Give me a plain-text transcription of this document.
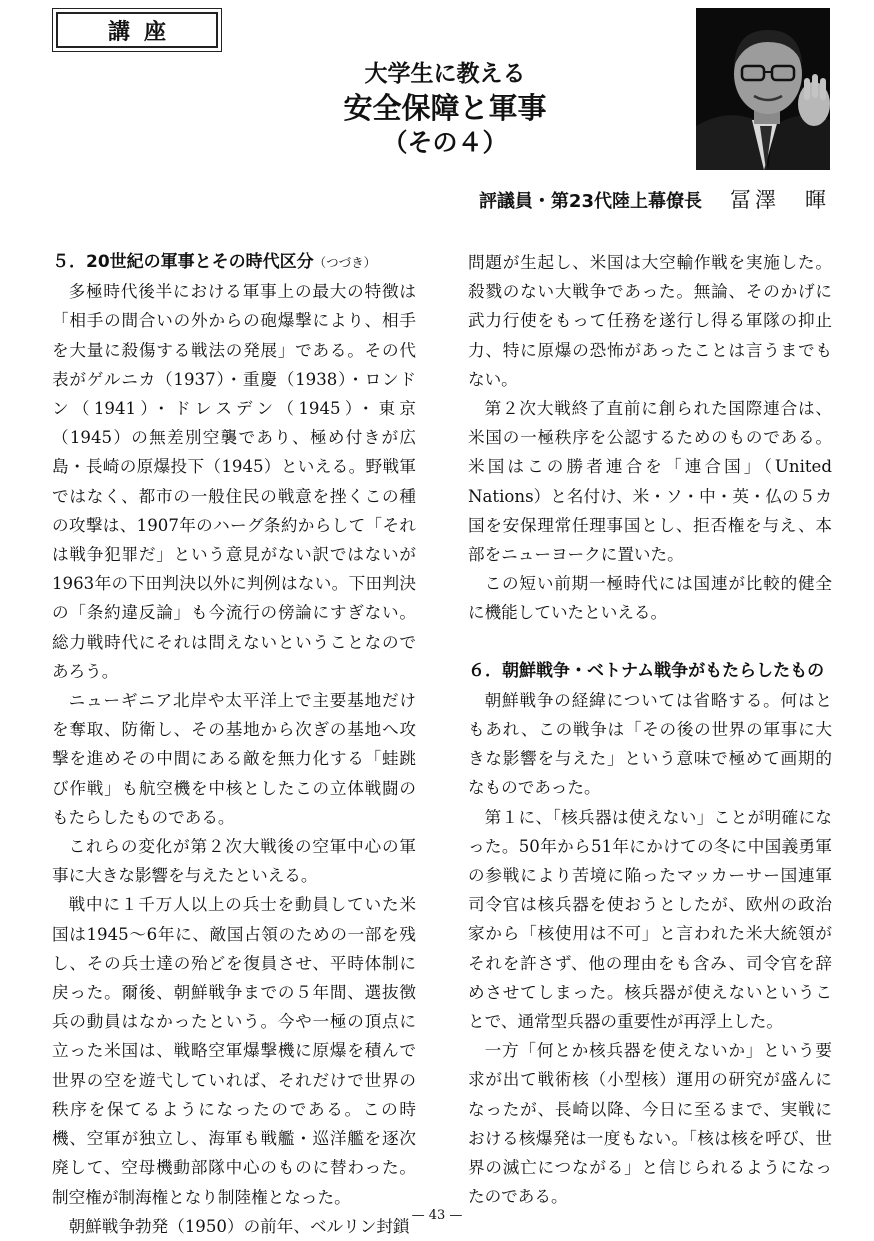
講座
大学生に教える
安全保障と軍事
（その４）
評議員・第23代陸上幕僚長 冨澤　暉
５．20世紀の軍事とその時代区分（つづき）

多極時代後半における軍事上の最大の特徴は「相手の間合いの外からの砲爆撃により、相手を大量に殺傷する戦法の発展」である。その代表がゲルニカ（1937）・重慶（1938）・ロンドン（1941）・ドレスデン（1945）・東京（1945）の無差別空襲であり、極め付きが広島・長崎の原爆投下（1945）といえる。野戦軍ではなく、都市の一般住民の戦意を挫くこの種の攻撃は、1907年のハーグ条約からして「それは戦争犯罪だ」という意見がない訳ではないが1963年の下田判決以外に判例はない。下田判決の「条約違反論」も今流行の傍論にすぎない。総力戦時代にそれは問えないということなのであろう。

ニューギニア北岸や太平洋上で主要基地だけを奪取、防衛し、その基地から次ぎの基地へ攻撃を進めその中間にある敵を無力化する「蛙跳び作戦」も航空機を中核としたこの立体戦闘のもたらしたものである。

これらの変化が第２次大戦後の空軍中心の軍事に大きな影響を与えたといえる。

戦中に１千万人以上の兵士を動員していた米国は1945～6年に、敵国占領のための一部を残し、その兵士達の殆どを復員させ、平時体制に戻った。爾後、朝鮮戦争までの５年間、選抜徴兵の動員はなかったという。今や一極の頂点に立った米国は、戦略空軍爆撃機に原爆を積んで世界の空を遊弋していれば、それだけで世界の秩序を保てるようになったのである。この時機、空軍が独立し、海軍も戦艦・巡洋艦を逐次廃して、空母機動部隊中心のものに替わった。制空権が制海権となり制陸権となった。

朝鮮戦争勃発（1950）の前年、ベルリン封鎖

問題が生起し、米国は大空輸作戦を実施した。殺戮のない大戦争であった。無論、そのかげに武力行使をもって任務を遂行し得る軍隊の抑止力、特に原爆の恐怖があったことは言うまでもない。

第２次大戦終了直前に創られた国際連合は、米国の一極秩序を公認するためのものである。米国はこの勝者連合を「連合国」（United Nations）と名付け、米・ソ・中・英・仏の５カ国を安保理常任理事国とし、拒否権を与え、本部をニューヨークに置いた。

この短い前期一極時代には国連が比較的健全に機能していたといえる。

６．朝鮮戦争・ベトナム戦争がもたらしたもの

朝鮮戦争の経緯については省略する。何はともあれ、この戦争は「その後の世界の軍事に大きな影響を与えた」という意味で極めて画期的なものであった。

第１に、「核兵器は使えない」ことが明確になった。50年から51年にかけての冬に中国義勇軍の参戦により苦境に陥ったマッカーサー国連軍司令官は核兵器を使おうとしたが、欧州の政治家から「核使用は不可」と言われた米大統領がそれを許さず、他の理由をも含み、司令官を辞めさせてしまった。核兵器が使えないということで、通常型兵器の重要性が再浮上した。

一方「何とか核兵器を使えないか」という要求が出て戦術核（小型核）運用の研究が盛んになったが、長崎以降、今日に至るまで、実戦における核爆発は一度もない。「核は核を呼び、世界の滅亡につながる」と信じられるようになったのである。

— 43 —
